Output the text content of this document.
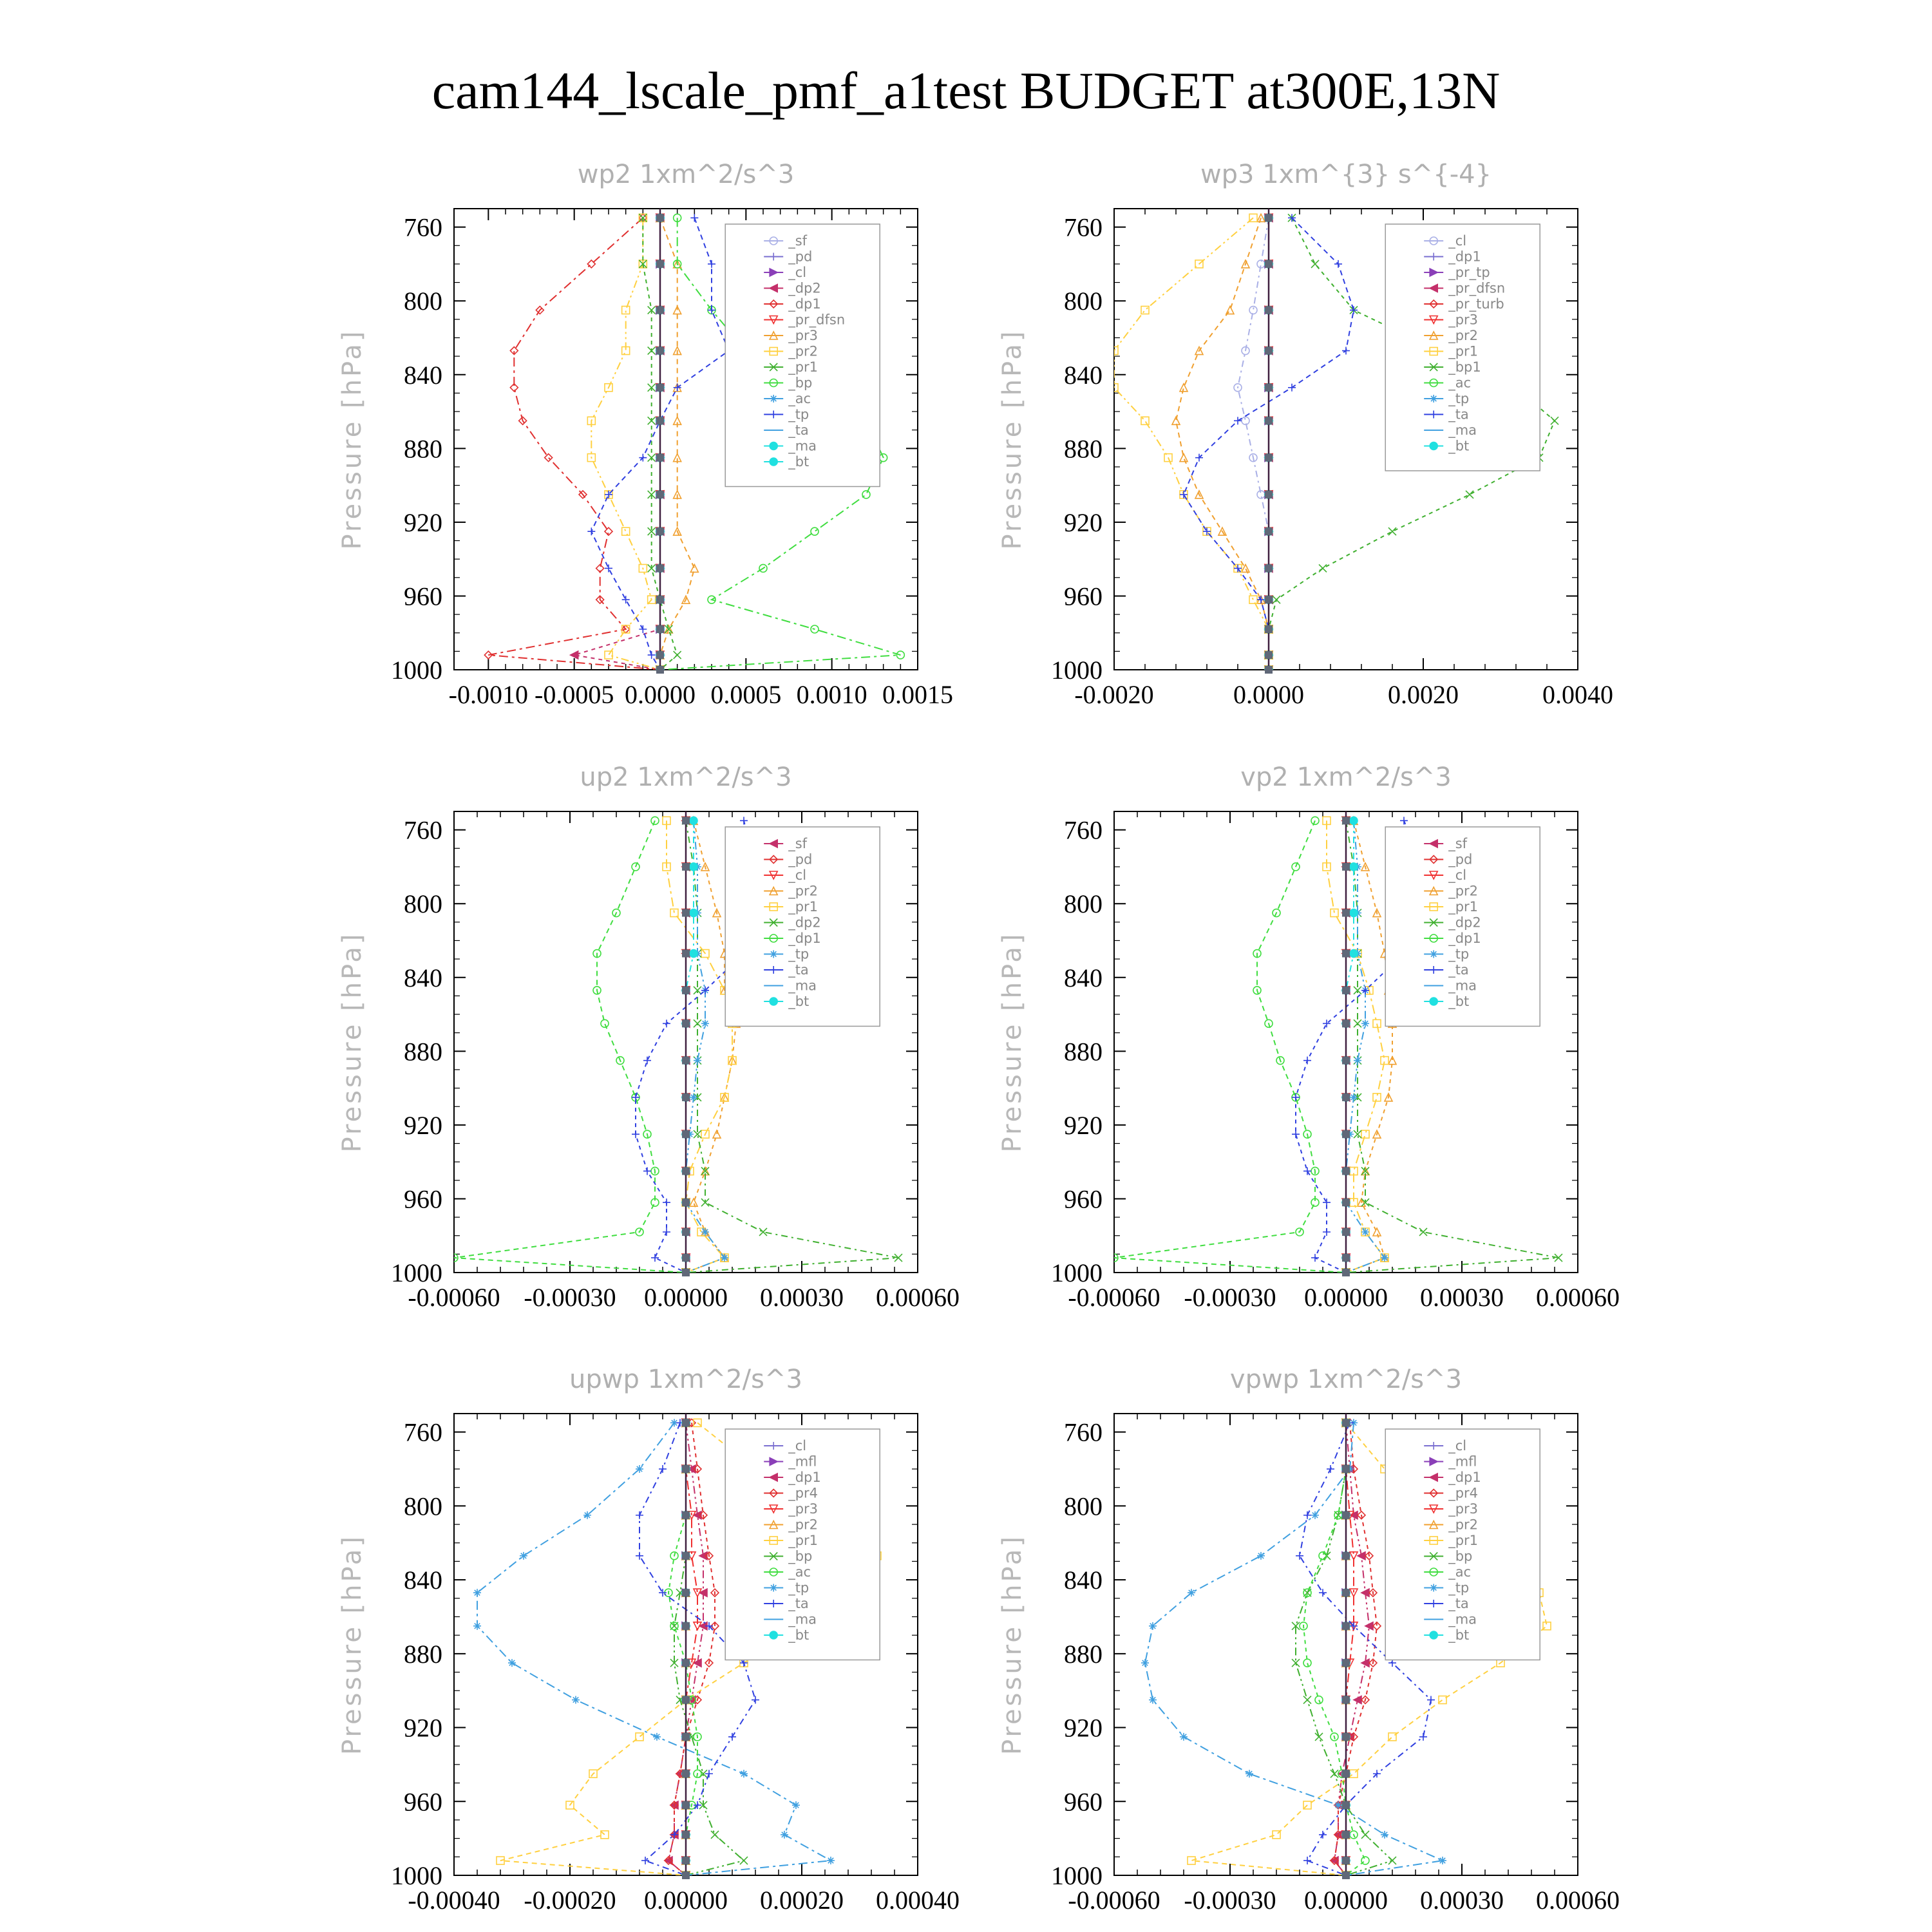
cam144_lscale_pmf_a1test BUDGET at300E,13N
wp2 1xm^2/s^3
Pressure [hPa]
-0.0010 -0.0005 0.0000 0.0005 0.0010 0.0015
760
800
840
880
920
960
1000
_sf
_pd
_cl
_dp2
_dp1
_pr_dfsn
_pr3
_pr2
_pr1
_bp
_ac
_tp
_ta
_ma
_bt
wp3 1xm^{3} s^{-4}
Pressure [hPa]
-0.0020	0.0000	0.0020	0.0040
760
800
840
880
920
960
1000
_cl
_dp1
_pr_tp
_pr_dfsn
_pr_turb
_pr3
_pr2
_pr1
_bp1
_ac
_tp
_ta
_ma
_bt
up2 1xm^2/s^3
Pressure [hPa]
-0.00060 -0.00030 0.00000 0.00030 0.00060
760
800
840
880
920
960
1000
_sf
_pd
_cl
_pr2
_pr1
_dp2
_dp1
_tp
_ta
_ma
_bt
vp2 1xm^2/s^3
Pressure [hPa]
-0.00060 -0.00030 0.00000 0.00030 0.00060
760
800
840
880
920
960
1000
_sf
_pd
_cl
_pr2
_pr1
_dp2
_dp1
_tp
_ta
_ma
_bt
upwp 1xm^2/s^3
Pressure [hPa]
-0.00040 -0.00020 0.00000 0.00020 0.00040
760
800
840
880
920
960
1000
_cl
_mfl
_dp1
_pr4
_pr3
_pr2
_pr1
_bp
_ac
_tp
_ta
_ma
_bt
vpwp 1xm^2/s^3
Pressure [hPa]
-0.00060 -0.00030 0.00000 0.00030 0.00060
760
800
840
880
920
960
1000
_cl
_mfl
_dp1
_pr4
_pr3
_pr2
_pr1
_bp
_ac
_tp
_ta
_ma
_bt
